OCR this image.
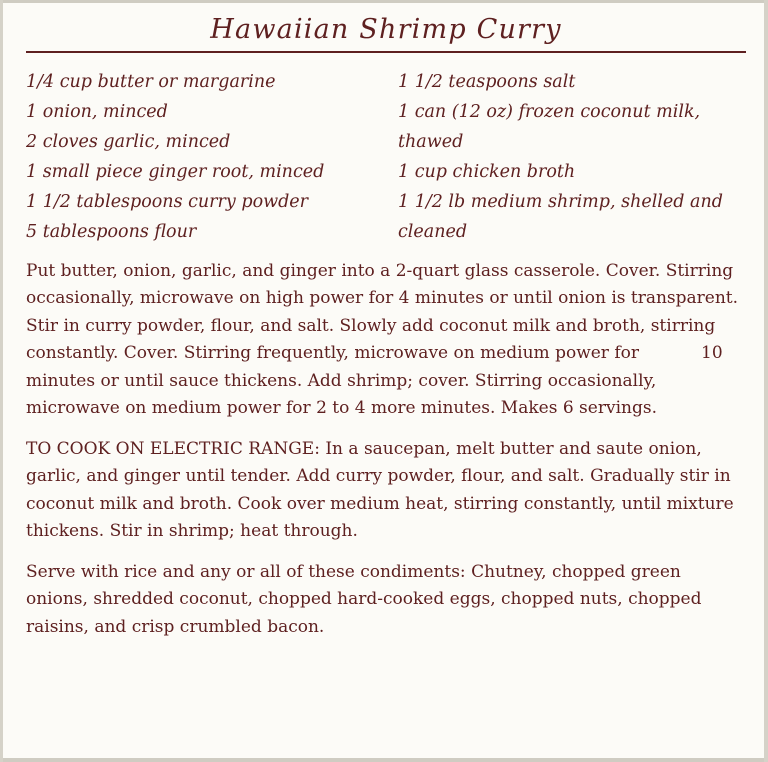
Hawaiian Shrimp Curry
1/4 cup butter or margarine
1 onion, minced
2 cloves garlic, minced
1 small piece ginger root, minced
1 1/2 tablespoons curry powder
5 tablespoons flour
1 1/2 teaspoons salt
1 can (12 oz) frozen coconut milk, thawed
1 cup chicken broth
1 1/2 lb medium shrimp, shelled and cleaned
Put butter, onion, garlic, and ginger into a 2-quart glass casserole. Cover. Stirring occasionally, microwave on high power for 4 minutes or until onion is transparent. Stir in curry powder, flour, and salt. Slowly add coconut milk and broth, stirring constantly. Cover. Stirring frequently, microwave on medium power for	10 minutes or until sauce thickens. Add shrimp; cover. Stirring occasionally, microwave on medium power for 2 to 4 more minutes. Makes 6 servings.
TO COOK ON ELECTRIC RANGE: In a saucepan, melt butter and saute onion, garlic, and ginger until tender. Add curry powder, flour, and salt. Gradually stir in coconut milk and broth. Cook over medium heat, stirring constantly, until mixture thickens. Stir in shrimp; heat through.
Serve with rice and any or all of these condiments: Chutney, chopped green onions, shredded coconut, chopped hard-cooked eggs, chopped nuts, chopped raisins, and crisp crumbled bacon.
